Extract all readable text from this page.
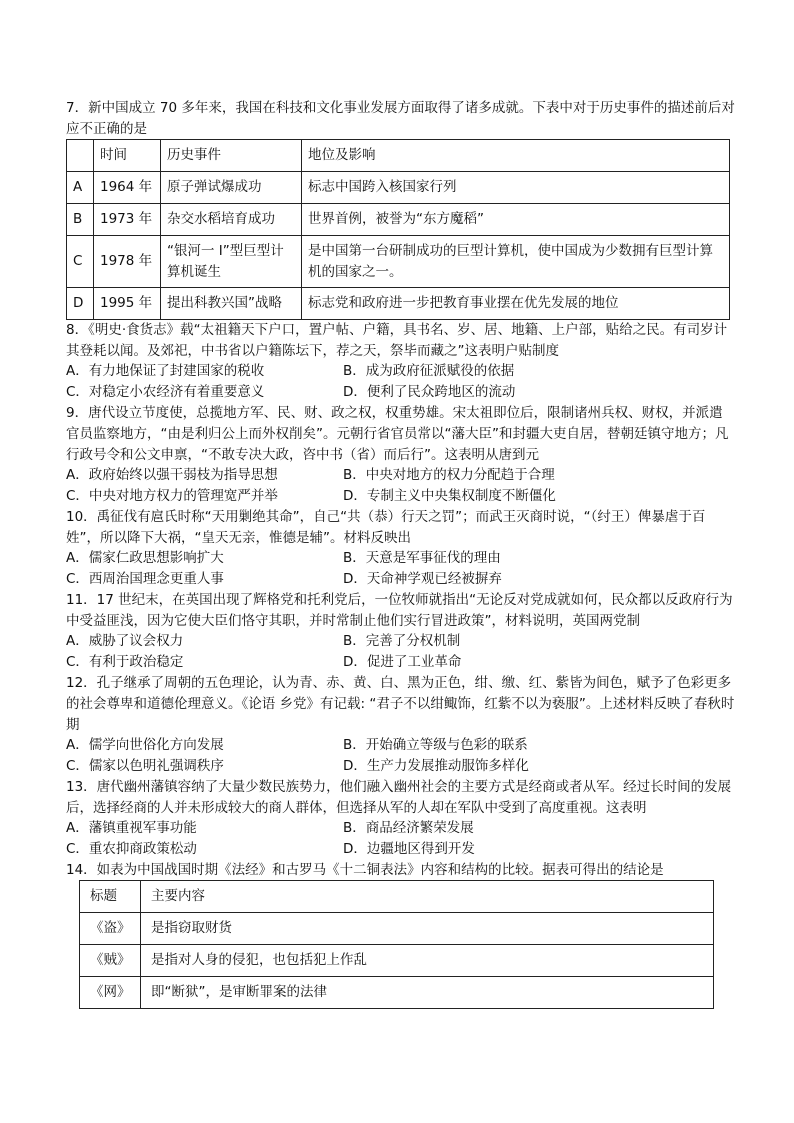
7．新中国成立 70 多年来，我国在科技和文化事业发展方面取得了诸多成就。下表中对于历史事件的描述前后对应不正确的是
	时间	历史事件	地位及影响
A	1964 年	原子弹试爆成功	标志中国跨入核国家行列
B	1973 年	杂交水稻培育成功	世界首例，被誉为“东方魔稻”
C	1978 年	“银河一 I”型巨型计算机诞生	是中国第一台研制成功的巨型计算机，使中国成为少数拥有巨型计算机的国家之一。
D	1995 年	提出科教兴国”战略	标志党和政府进一步把教育事业摆在优先发展的地位
8．《明史·食货志》载“太祖籍天下户口，置户帖、户籍，具书名、岁、居、地籍、上户部，贴给之民。有司岁计其登耗以闻。及郊祀，中书省以户籍陈坛下，荐之天，祭毕而藏之”这表明户贴制度
A．有力地保证了封建国家的税收	B．成为政府征派赋役的依据
C．对稳定小农经济有着重要意义	D．便利了民众跨地区的流动
9．唐代设立节度使，总揽地方军、民、财、政之权，权重势雄。宋太祖即位后，限制诸州兵权、财权，并派遣官员监察地方，“由是利归公上而外权削矣”。元朝行省官员常以“藩大臣”和封疆大吏自居，替朝廷镇守地方；凡行政号令和公文申禀，“不敢专决大政，咨中书（省）而后行”。这表明从唐到元
A．政府始终以强干弱枝为指导思想	B．中央对地方的权力分配趋于合理
C．中央对地方权力的管理宽严并举	D．专制主义中央集权制度不断僵化
10．禹征伐有扈氏时称“天用剿绝其命”，自己“共（恭）行天之罚”；而武王灭商时说，“（纣王）俾暴虐于百姓”，所以降下大祸，“皇天无亲，惟德是辅”。材料反映出
A．儒家仁政思想影响扩大	B．天意是军事征伐的理由
C．西周治国理念更重人事	D．天命神学观已经被摒弃
11．17 世纪末，在英国出现了辉格党和托利党后，一位牧师就指出“无论反对党成就如何，民众都以反政府行为中受益匪浅，因为它使大臣们恪守其职，并时常制止他们实行冒进政策”，材料说明，英国两党制
A．威胁了议会权力	B．完善了分权机制
C．有利于政治稳定	D．促进了工业革命
12．孔子继承了周朝的五色理论，认为青、赤、黄、白、黑为正色，绀、缴、红、紫皆为间色，赋予了色彩更多的社会尊卑和道德伦理意义。《论语 乡党》有记载: “君子不以绀鲰饰，红紫不以为亵服”。上述材料反映了春秋时期
A．儒学向世俗化方向发展	B．开始确立等级与色彩的联系
C．儒家以色明礼强调秩序	D．生产力发展推动服饰多样化
13．唐代幽州藩镇容纳了大量少数民族势力，他们融入幽州社会的主要方式是经商或者从军。经过长时间的发展后，选择经商的人并未形成较大的商人群体，但选择从军的人却在军队中受到了高度重视。这表明
A．藩镇重视军事功能	B．商品经济繁荣发展
C．重农抑商政策松动	D．边疆地区得到开发
14．如表为中国战国时期《法经》和古罗马《十二铜表法》内容和结构的比较。据表可得出的结论是
标题	主要内容
《盗》	是指窃取财货
《贼》	是指对人身的侵犯，也包括犯上作乱
《网》	即“断狱”，是审断罪案的法律
